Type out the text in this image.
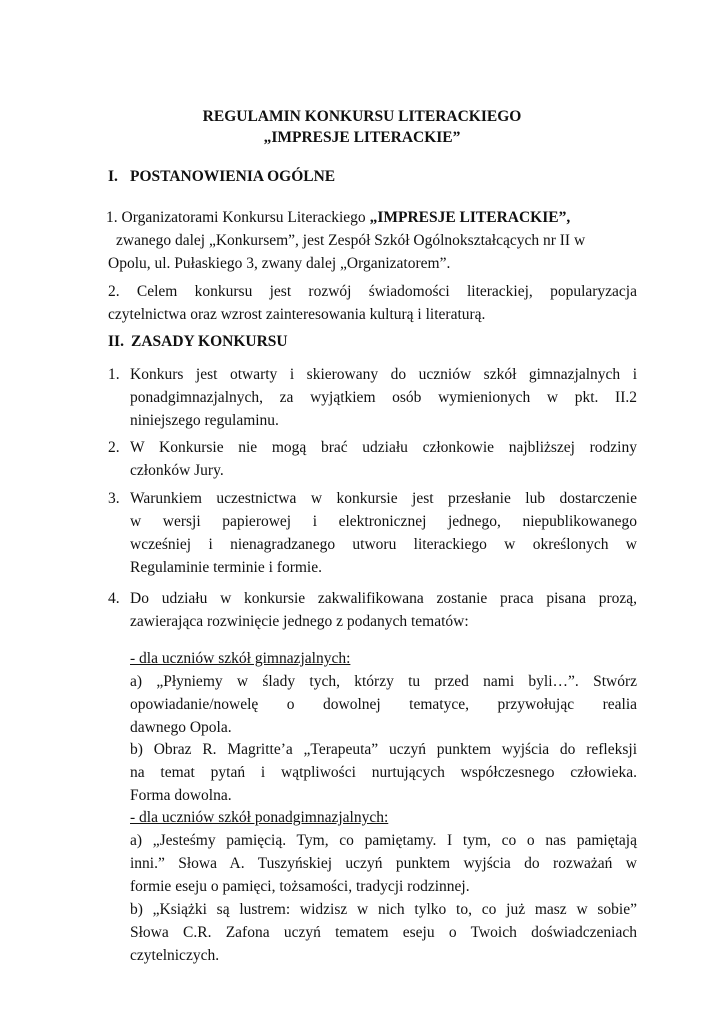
REGULAMIN KONKURSU LITERACKIEGO
„IMPRESJE LITERACKIE”
I. POSTANOWIENIA OGÓLNE
1. Organizatorami Konkursu Literackiego „IMPRESJE LITERACKIE”,
zwanego dalej „Konkursem”, jest Zespół Szkół Ogólnokształcących nr II w
Opolu, ul. Pułaskiego 3, zwany dalej „Organizatorem”.
2. Celem konkursu jest rozwój świadomości literackiej, popularyzacja
czytelnictwa oraz wzrost zainteresowania kulturą i literaturą.
II. ZASADY KONKURSU
1. Konkurs jest otwarty i skierowany do uczniów szkół gimnazjalnych i
ponadgimnazjalnych, za wyjątkiem osób wymienionych w pkt. II.2
niniejszego regulaminu.
2. W Konkursie nie mogą brać udziału członkowie najbliższej rodziny
członków Jury.
3. Warunkiem uczestnictwa w konkursie jest przesłanie lub dostarczenie
w wersji papierowej i elektronicznej jednego, niepublikowanego
wcześniej i nienagradzanego utworu literackiego w określonych w
Regulaminie terminie i formie.
4. Do udziału w konkursie zakwalifikowana zostanie praca pisana prozą,
zawierająca rozwinięcie jednego z podanych tematów:
- dla uczniów szkół gimnazjalnych:
a) „Płyniemy w ślady tych, którzy tu przed nami byli…”. Stwórz
opowiadanie/nowelę o dowolnej tematyce, przywołując realia
dawnego Opola.
b) Obraz R. Magritte’a „Terapeuta” uczyń punktem wyjścia do refleksji
na temat pytań i wątpliwości nurtujących współczesnego człowieka.
Forma dowolna.
- dla uczniów szkół ponadgimnazjalnych:
a) „Jesteśmy pamięcią. Tym, co pamiętamy. I tym, co o nas pamiętają
inni.” Słowa A. Tuszyńskiej uczyń punktem wyjścia do rozważań w
formie eseju o pamięci, tożsamości, tradycji rodzinnej.
b) „Książki są lustrem: widzisz w nich tylko to, co już masz w sobie”
Słowa C.R. Zafona uczyń tematem eseju o Twoich doświadczeniach
czytelniczych.
